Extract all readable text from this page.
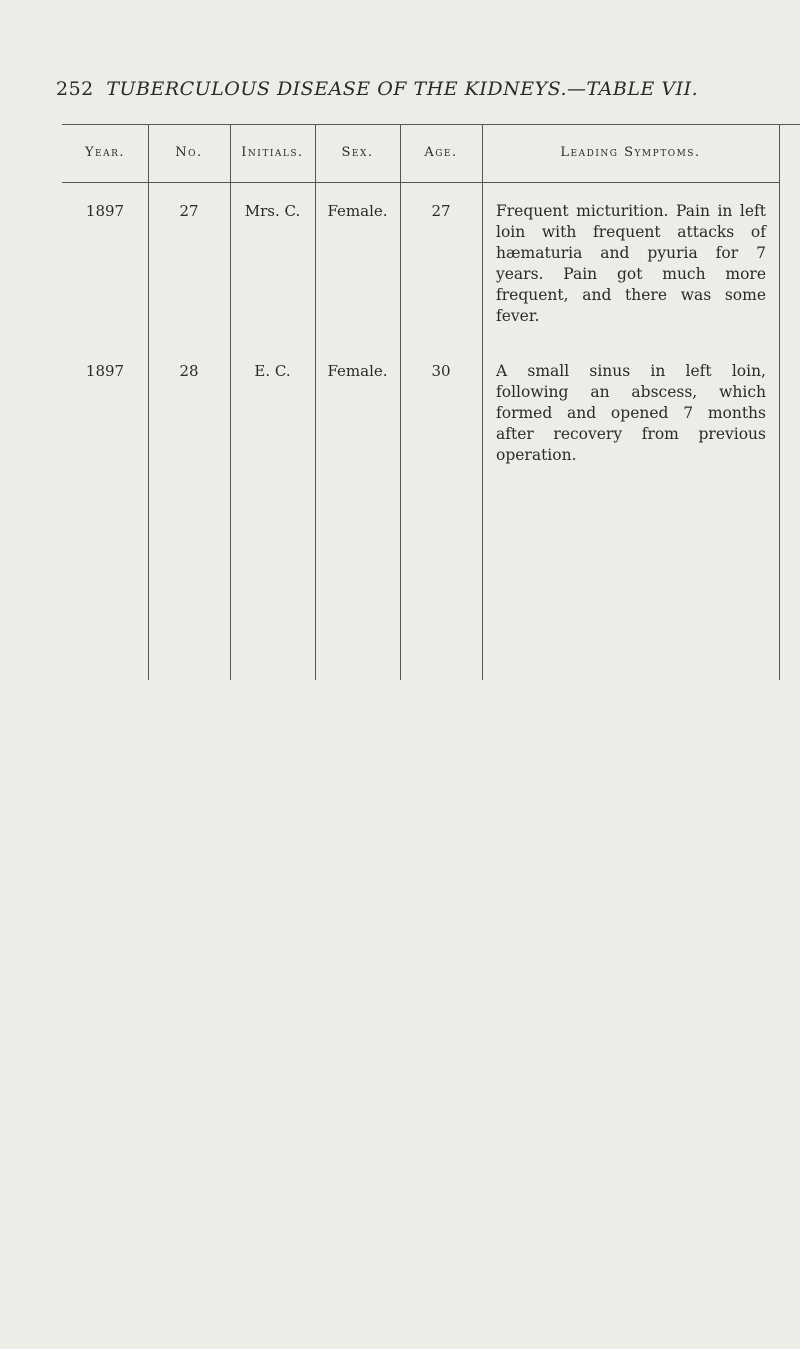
252 TUBERCULOUS DISEASE OF THE KIDNEYS.—TABLE VII.
Year.	No.	Initials.	Sex.	Age.	Leading Symptoms.
1897	27	Mrs. C.	Female.	27	Frequent micturition. Pain in left loin with frequent attacks of hæmaturia and pyuria for 7 years. Pain got much more frequent, and there was some fever.
1897	28	E. C.	Female.	30	A small sinus in left loin, following an abscess, which formed and opened 7 months after recovery from previous operation.
